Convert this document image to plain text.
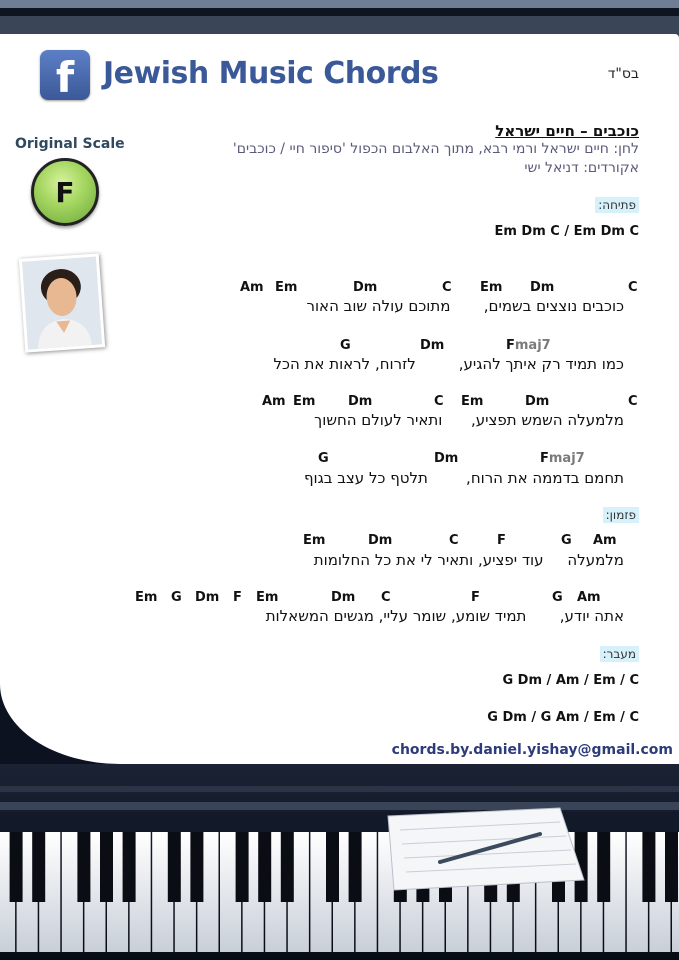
f Jewish Music Chords	בס"ד
Original Scale
F
כוכבים – חיים ישראל
לחן: חיים ישראל ורמי רבא, מתוך האלבום הכפול 'סיפור חיי / כוכבים'
אקורדים: דניאל ישי
פתיחה:
Em Dm C / Em Dm C
Am Em	Dm	C Em Dm	C
כוכבים נוצצים בשמים,       מתוכם עולה שוב האור
G	Dm	Fmaj7
כמו תמיד רק איתך להגיע,         לזרוח, לראות את הכל
Am Em	Dm	C Em	Dm	C
מלמעלה השמש תפציע,      ותאיר לעולם החשוך
G	Dm	Fmaj7
תחמם בדממה את הרוח,        תלטף כל עצב בגוף
פזמון:
Em	Dm	C	F	G Am
מלמעלה     עוד יפציע, ותאיר לי את כל החלומות
Em G Dm F Em	Dm C	F	G Am
אתה יודע,       תמיד שומע, שומר עליי, מגשים המשאלות
מעבר:
G Dm / Am / Em / C
G Dm / G Am / Em / C
chords.by.daniel.yishay@gmail.com
